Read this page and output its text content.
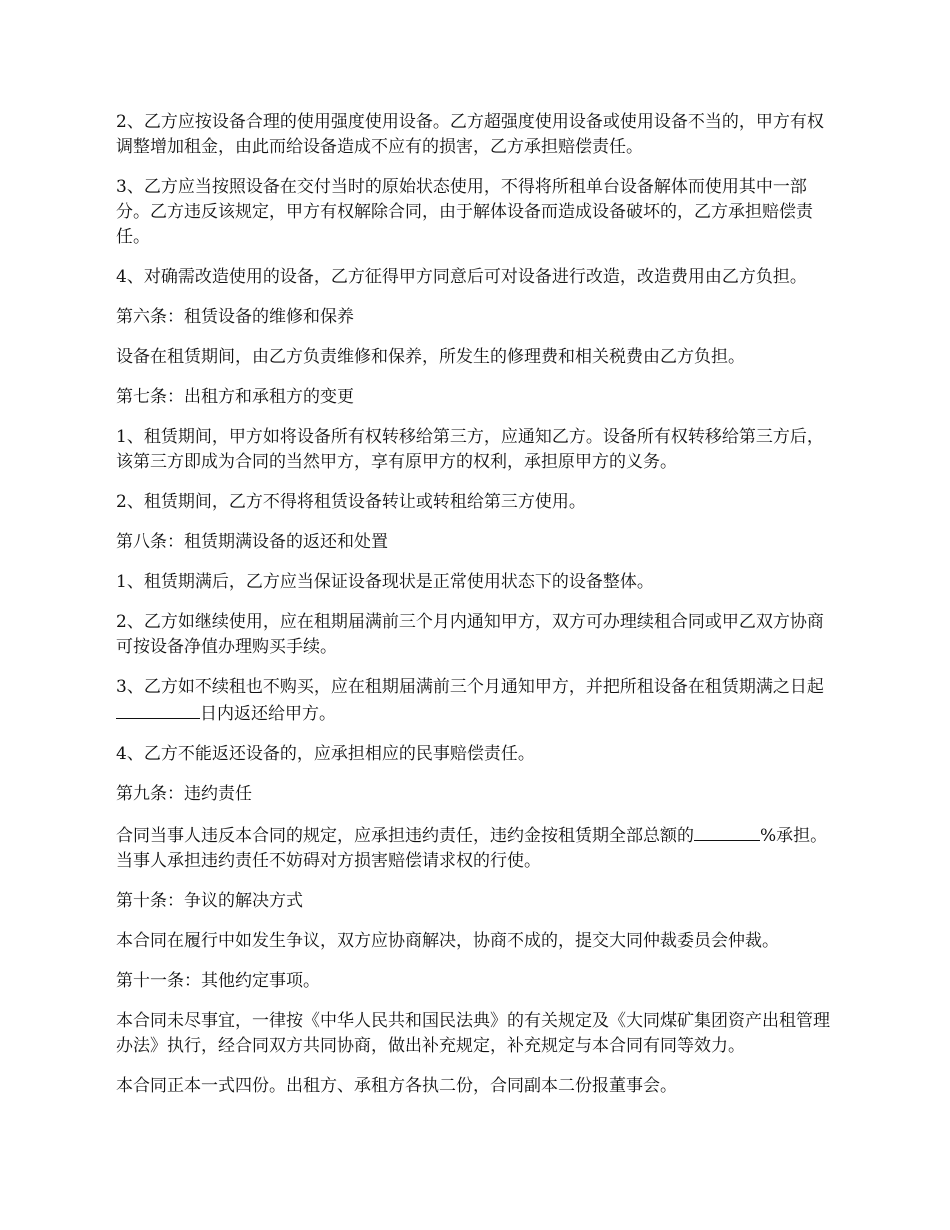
2、乙方应按设备合理的使用强度使用设备。乙方超强度使用设备或使用设备不当的，甲方有权调整增加租金，由此而给设备造成不应有的损害，乙方承担赔偿责任。

3、乙方应当按照设备在交付当时的原始状态使用，不得将所租单台设备解体而使用其中一部分。乙方违反该规定，甲方有权解除合同，由于解体设备而造成设备破坏的，乙方承担赔偿责任。

4、对确需改造使用的设备，乙方征得甲方同意后可对设备进行改造，改造费用由乙方负担。

第六条：租赁设备的维修和保养

设备在租赁期间，由乙方负责维修和保养，所发生的修理费和相关税费由乙方负担。

第七条：出租方和承租方的变更

1、租赁期间，甲方如将设备所有权转移给第三方，应通知乙方。设备所有权转移给第三方后，该第三方即成为合同的当然甲方，享有原甲方的权利，承担原甲方的义务。

2、租赁期间，乙方不得将租赁设备转让或转租给第三方使用。

第八条：租赁期满设备的返还和处置

1、租赁期满后，乙方应当保证设备现状是正常使用状态下的设备整体。

2、乙方如继续使用，应在租期届满前三个月内通知甲方，双方可办理续租合同或甲乙双方协商可按设备净值办理购买手续。

3、乙方如不续租也不购买，应在租期届满前三个月通知甲方，并把所租设备在租赁期满之日起日内返还给甲方。

4、乙方不能返还设备的，应承担相应的民事赔偿责任。

第九条：违约责任

合同当事人违反本合同的规定，应承担违约责任，违约金按租赁期全部总额的	%承担。当事人承担违约责任不妨碍对方损害赔偿请求权的行使。

第十条：争议的解决方式

本合同在履行中如发生争议，双方应协商解决，协商不成的，提交大同仲裁委员会仲裁。

第十一条：其他约定事项。

本合同未尽事宜，一律按《中华人民共和国民法典》的有关规定及《大同煤矿集团资产出租管理办法》执行，经合同双方共同协商，做出补充规定，补充规定与本合同有同等效力。

本合同正本一式四份。出租方、承租方各执二份，合同副本二份报董事会。
